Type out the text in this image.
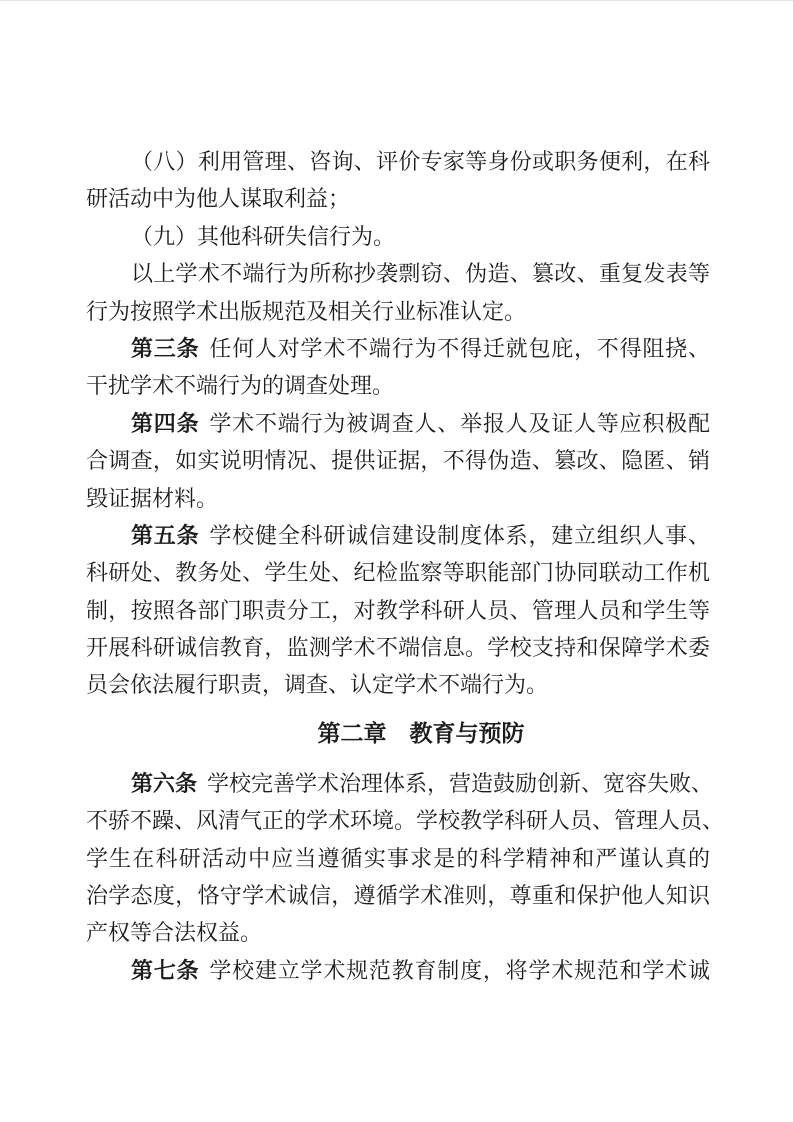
（八）利用管理、咨询、评价专家等身份或职务便利，在科
研活动中为他人谋取利益；
（九）其他科研失信行为。
以上学术不端行为所称抄袭剽窃、伪造、篡改、重复发表等
行为按照学术出版规范及相关行业标准认定。
第三条 任何人对学术不端行为不得迁就包庇，不得阻挠、
干扰学术不端行为的调查处理。
第四条 学术不端行为被调查人、举报人及证人等应积极配
合调查，如实说明情况、提供证据，不得伪造、篡改、隐匿、销
毁证据材料。
第五条 学校健全科研诚信建设制度体系，建立组织人事、
科研处、教务处、学生处、纪检监察等职能部门协同联动工作机
制，按照各部门职责分工，对教学科研人员、管理人员和学生等
开展科研诚信教育，监测学术不端信息。学校支持和保障学术委
员会依法履行职责，调查、认定学术不端行为。
第二章　教育与预防
第六条 学校完善学术治理体系，营造鼓励创新、宽容失败、
不骄不躁、风清气正的学术环境。学校教学科研人员、管理人员、
学生在科研活动中应当遵循实事求是的科学精神和严谨认真的
治学态度，恪守学术诚信，遵循学术准则，尊重和保护他人知识
产权等合法权益。
第七条 学校建立学术规范教育制度，将学术规范和学术诚
